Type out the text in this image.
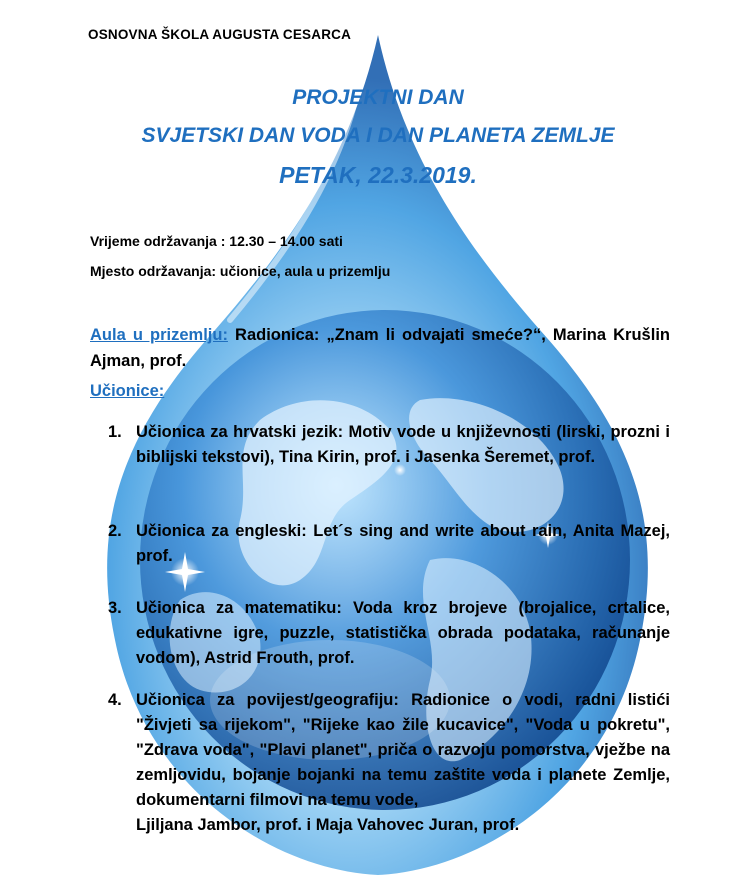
OSNOVNA ŠKOLA AUGUSTA CESARCA
PROJEKTNI DAN
SVJETSKI DAN VODA I DAN PLANETA ZEMLJE
PETAK, 22.3.2019.
Vrijeme održavanja : 12.30 – 14.00 sati
Mjesto održavanja: učionice, aula u prizemlju
Aula u prizemlju: Radionica: „Znam li odvajati smeće?“, Marina Krušlin Ajman, prof.
Učionice:
1. Učionica za hrvatski jezik: Motiv vode u književnosti (lirski, prozni i biblijski tekstovi), Tina Kirin, prof. i Jasenka Šeremet, prof.
2. Učionica za engleski: Let´s sing and write about rain, Anita Mazej, prof.
3. Učionica za matematiku: Voda kroz brojeve (brojalice, crtalice, edukativne igre, puzzle, statistička obrada podataka, računanje vodom), Astrid Frouth, prof.
4. Učionica za povijest/geografiju: Radionice o vodi, radni listići "Živjeti sa rijekom", "Rijeke kao žile kucavice", "Voda u pokretu", "Zdrava voda", "Plavi planet", priča o razvoju pomorstva, vježbe na zemljovidu, bojanje bojanki na temu zaštite voda i planete Zemlje, dokumentarni filmovi na temu vode,
Ljiljana Jambor, prof. i Maja Vahovec Juran, prof.
